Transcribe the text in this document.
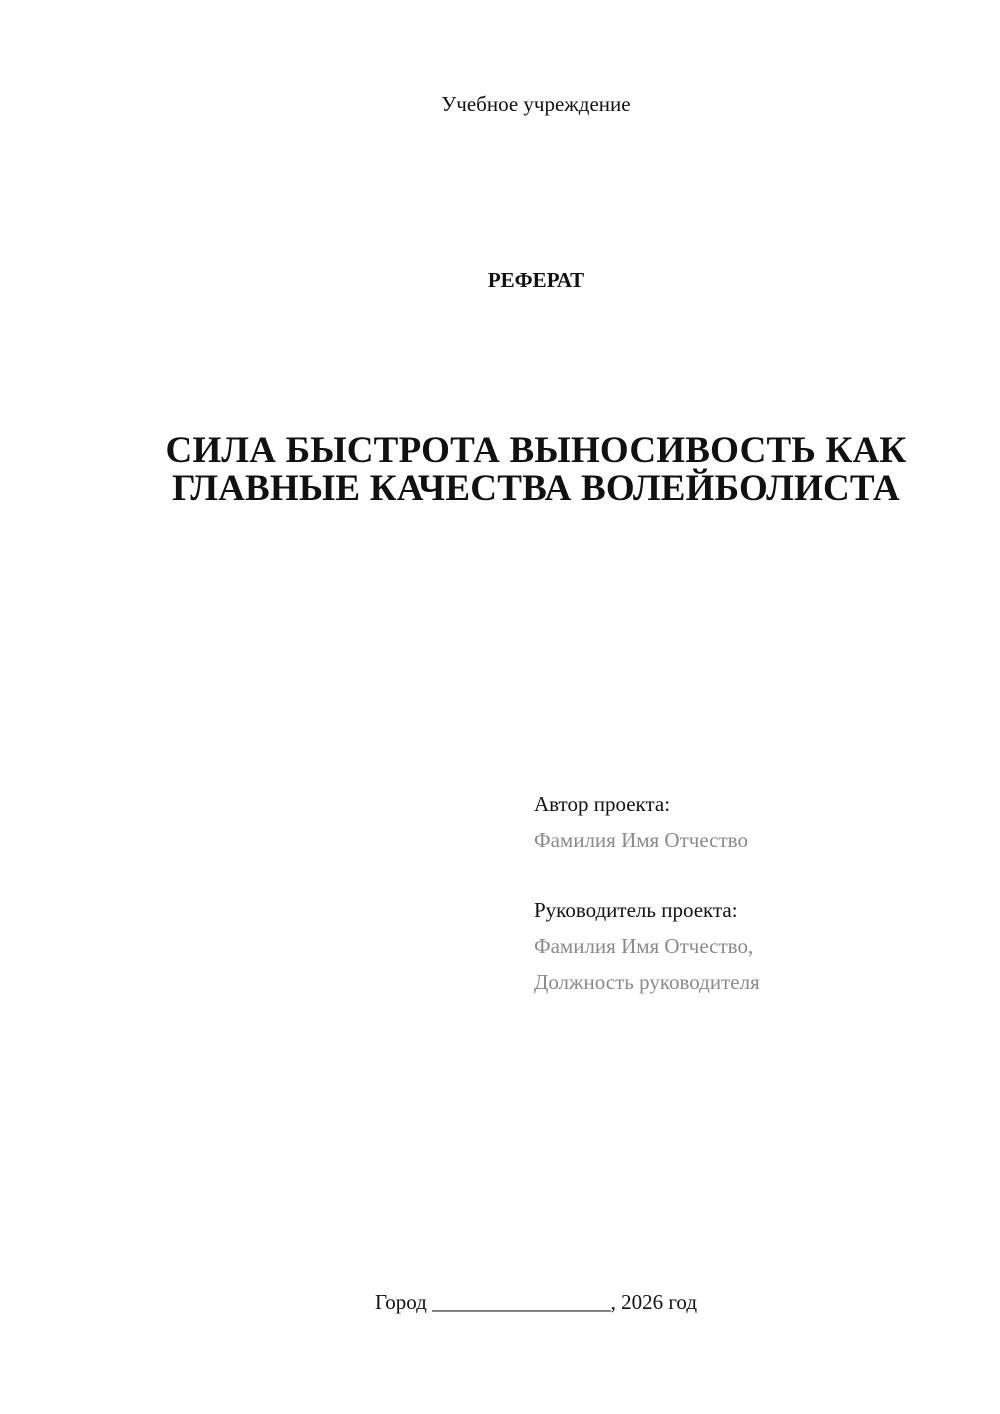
Учебное учреждение
РЕФЕРАТ
СИЛА БЫСТРОТА ВЫНОСИВОСТЬ КАК
ГЛАВНЫЕ КАЧЕСТВА ВОЛЕЙБОЛИСТА
Автор проекта:
Фамилия Имя Отчество
Руководитель проекта:
Фамилия Имя Отчество,
Должность руководителя
Город _________________, 2026 год
